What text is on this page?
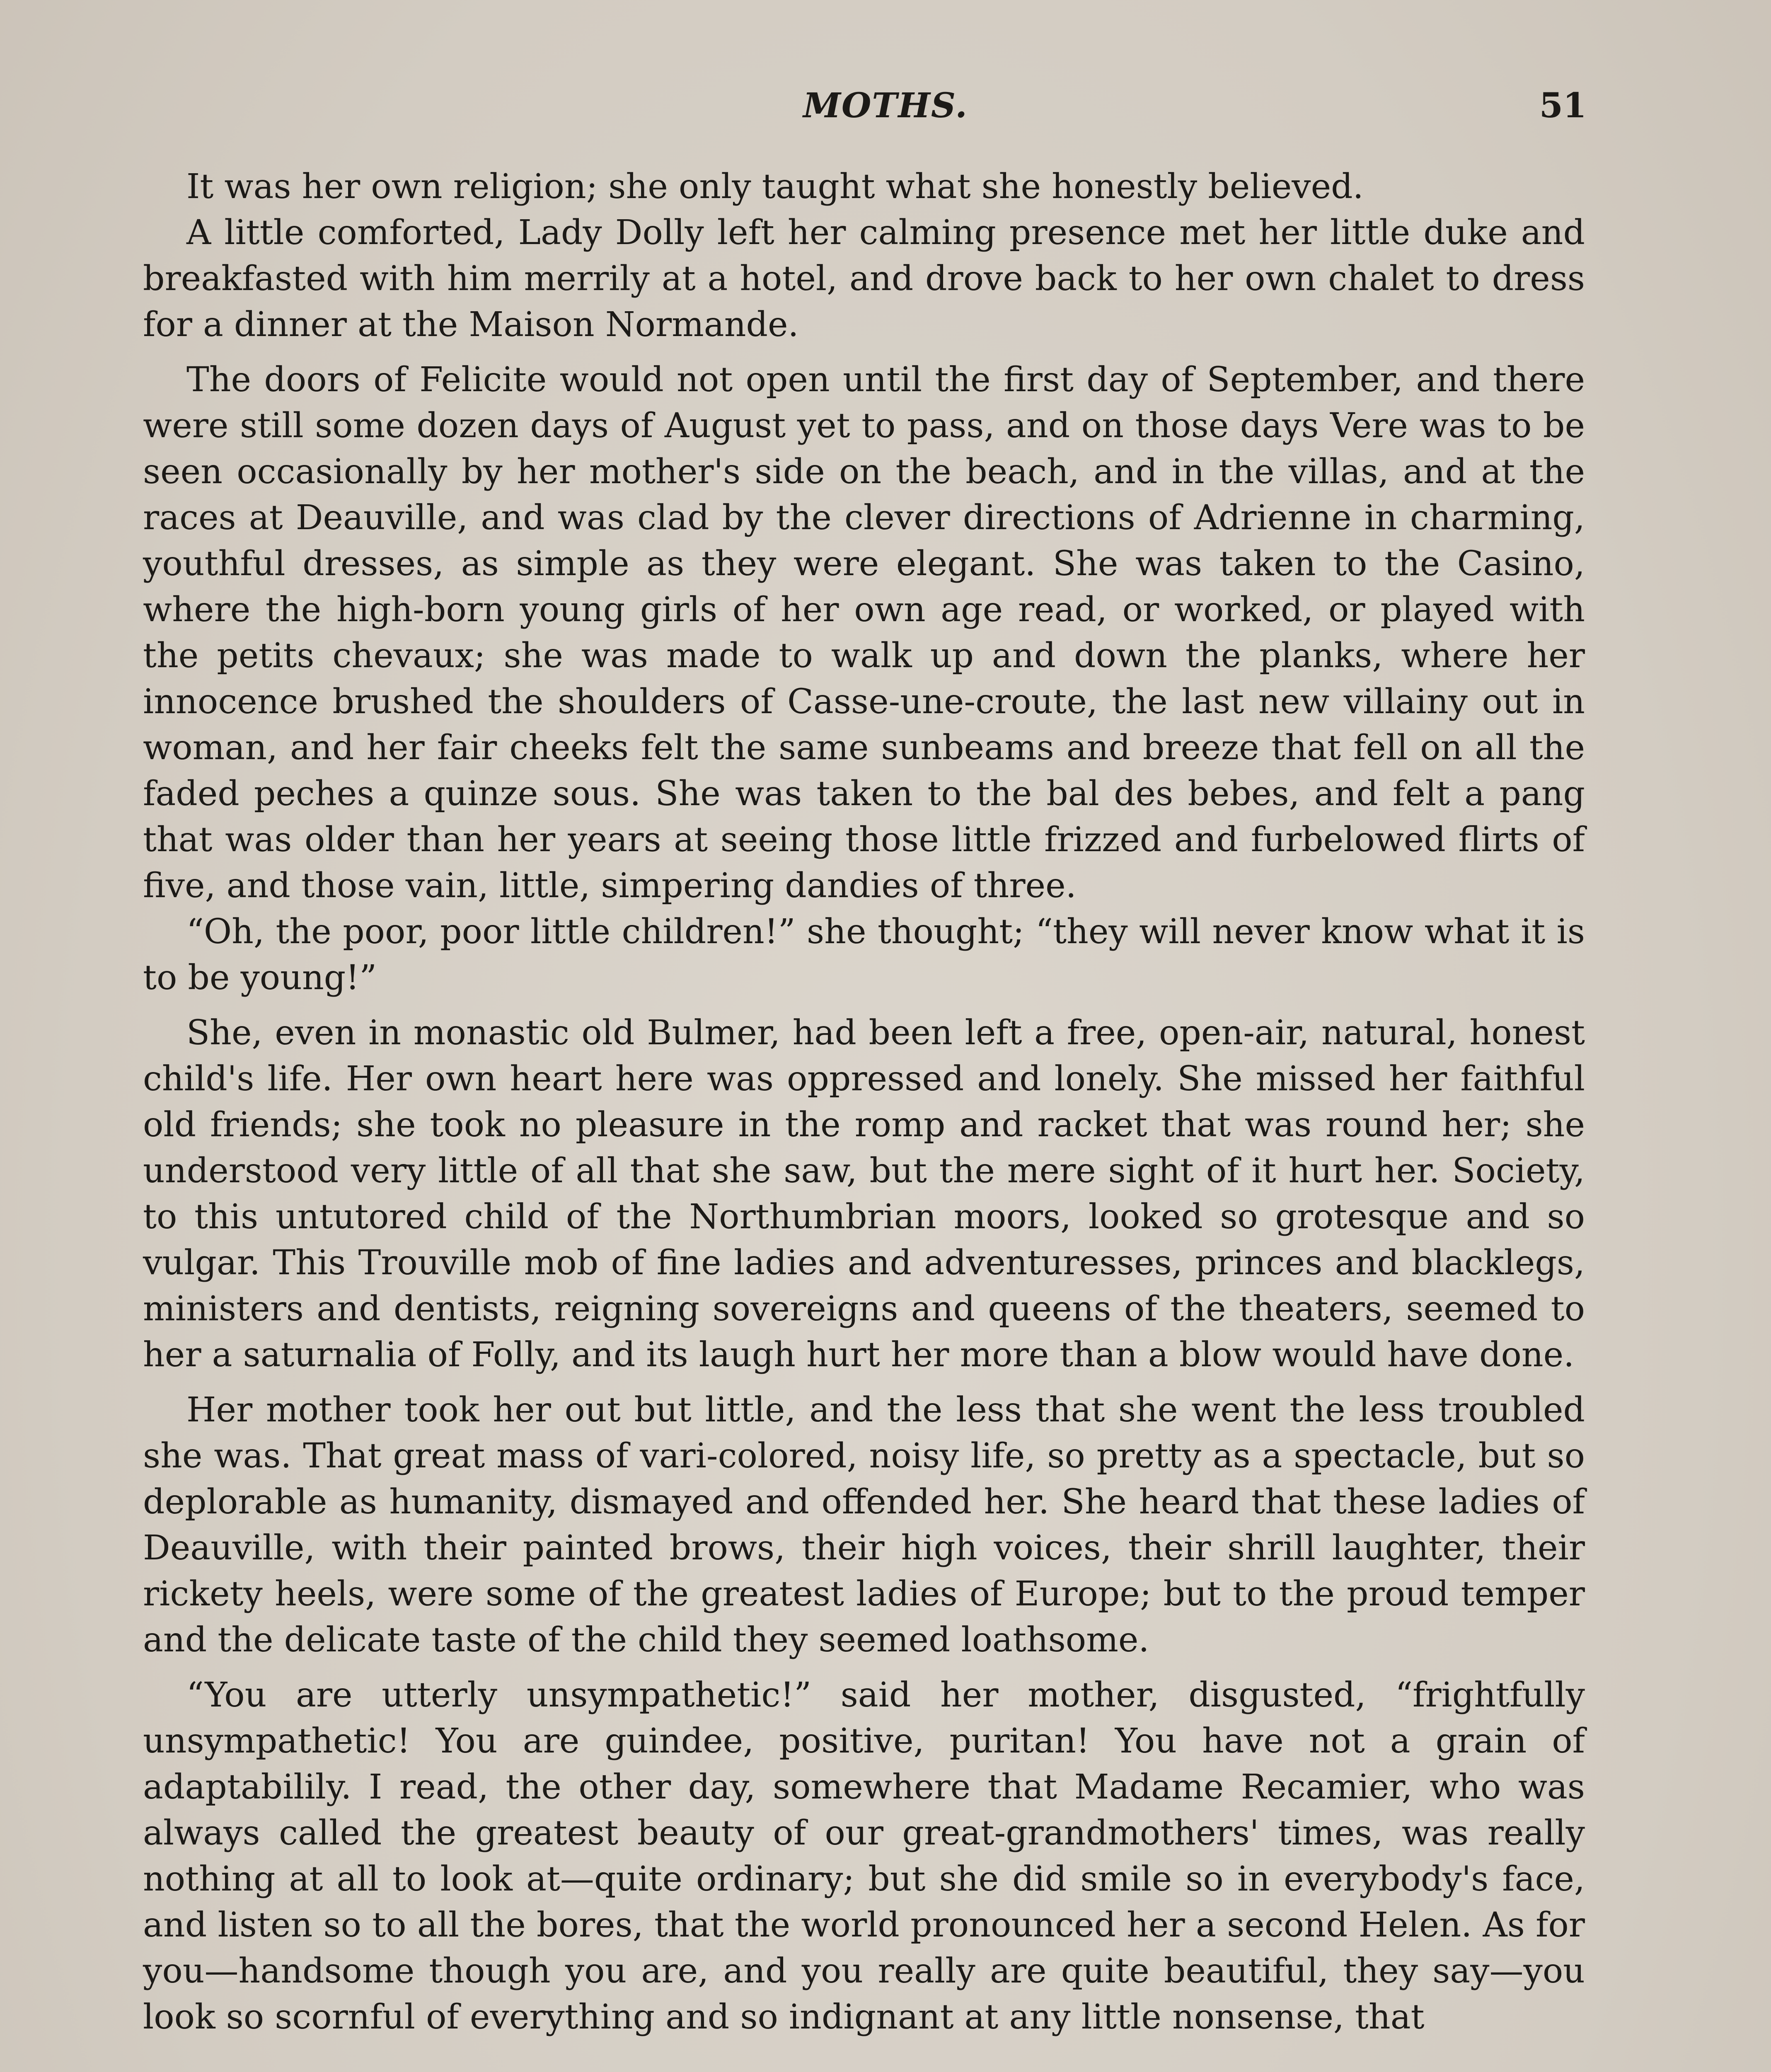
MOTHS.	51

It was her own religion; she only taught what she honestly believed.

A little comforted, Lady Dolly left her calming presence met her little duke and breakfasted with him merrily at a hotel, and drove back to her own chalet to dress for a dinner at the Maison Normande.

The doors of Felicite would not open until the first day of September, and there were still some dozen days of August yet to pass, and on those days Vere was to be seen occasionally by her mother's side on the beach, and in the villas, and at the races at Deauville, and was clad by the clever directions of Adrienne in charming, youthful dresses, as simple as they were elegant. She was taken to the Casino, where the high-born young girls of her own age read, or worked, or played with the petits chevaux; she was made to walk up and down the planks, where her innocence brushed the shoulders of Casse-une-croute, the last new villainy out in woman, and her fair cheeks felt the same sunbeams and breeze that fell on all the faded peches a quinze sous. She was taken to the bal des bebes, and felt a pang that was older than her years at seeing those little frizzed and furbelowed flirts of five, and those vain, little, simpering dandies of three.

“Oh, the poor, poor little children!” she thought; “they will never know what it is to be young!”

She, even in monastic old Bulmer, had been left a free, open-air, natural, honest child's life. Her own heart here was oppressed and lonely. She missed her faithful old friends; she took no pleasure in the romp and racket that was round her; she understood very little of all that she saw, but the mere sight of it hurt her. Society, to this untutored child of the Northumbrian moors, looked so grotesque and so vulgar. This Trouville mob of fine ladies and adventuresses, princes and blacklegs, ministers and dentists, reigning sovereigns and queens of the theaters, seemed to her a saturnalia of Folly, and its laugh hurt her more than a blow would have done.

Her mother took her out but little, and the less that she went the less troubled she was. That great mass of vari-colored, noisy life, so pretty as a spectacle, but so deplorable as humanity, dismayed and offended her. She heard that these ladies of Deauville, with their painted brows, their high voices, their shrill laughter, their rickety heels, were some of the greatest ladies of Europe; but to the proud temper and the delicate taste of the child they seemed loathsome.

“You are utterly unsympathetic!” said her mother, disgusted, “frightfully unsympathetic! You are guindee, positive, puritan! You have not a grain of adaptabilily. I read, the other day, somewhere that Madame Recamier, who was always called the greatest beauty of our great-grandmothers' times, was really nothing at all to look at—quite ordinary; but she did smile so in everybody's face, and listen so to all the bores, that the world pronounced her a second Helen. As for you—handsome though you are, and you really are quite beautiful, they say—you look so scornful of everything and so indignant at any little nonsense, that
